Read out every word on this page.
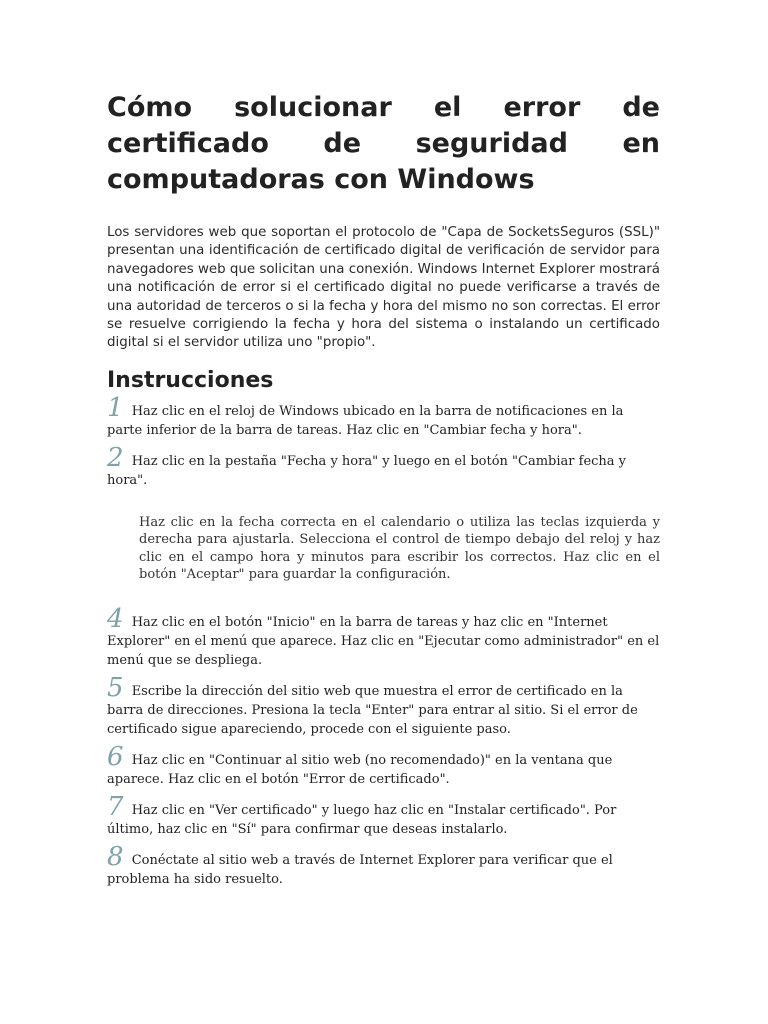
Cómo solucionar el error de certificado de seguridad en computadoras con Windows

Los servidores web que soportan el protocolo de "Capa de SocketsSeguros (SSL)" presentan una identificación de certificado digital de verificación de servidor para navegadores web que solicitan una conexión. Windows Internet Explorer mostrará una notificación de error si el certificado digital no puede verificarse a través de una autoridad de terceros o si la fecha y hora del mismo no son correctas. El error se resuelve corrigiendo la fecha y hora del sistema o instalando un certificado digital si el servidor utiliza uno "propio".

Instrucciones
1 Haz clic en el reloj de Windows ubicado en la barra de notificaciones en la parte inferior de la barra de tareas. Haz clic en "Cambiar fecha y hora".
2 Haz clic en la pestaña "Fecha y hora" y luego en el botón "Cambiar fecha y hora".
Haz clic en la fecha correcta en el calendario o utiliza las teclas izquierda y derecha para ajustarla. Selecciona el control de tiempo debajo del reloj y haz clic en el campo hora y minutos para escribir los correctos. Haz clic en el botón "Aceptar" para guardar la configuración.
4 Haz clic en el botón "Inicio" en la barra de tareas y haz clic en "Internet Explorer" en el menú que aparece. Haz clic en "Ejecutar como administrador" en el menú que se despliega.
5 Escribe la dirección del sitio web que muestra el error de certificado en la barra de direcciones. Presiona la tecla "Enter" para entrar al sitio. Si el error de certificado sigue apareciendo, procede con el siguiente paso.
6 Haz clic en "Continuar al sitio web (no recomendado)" en la ventana que aparece. Haz clic en el botón "Error de certificado".
7 Haz clic en "Ver certificado" y luego haz clic en "Instalar certificado". Por último, haz clic en "Sí" para confirmar que deseas instalarlo.
8 Conéctate al sitio web a través de Internet Explorer para verificar que el problema ha sido resuelto.
